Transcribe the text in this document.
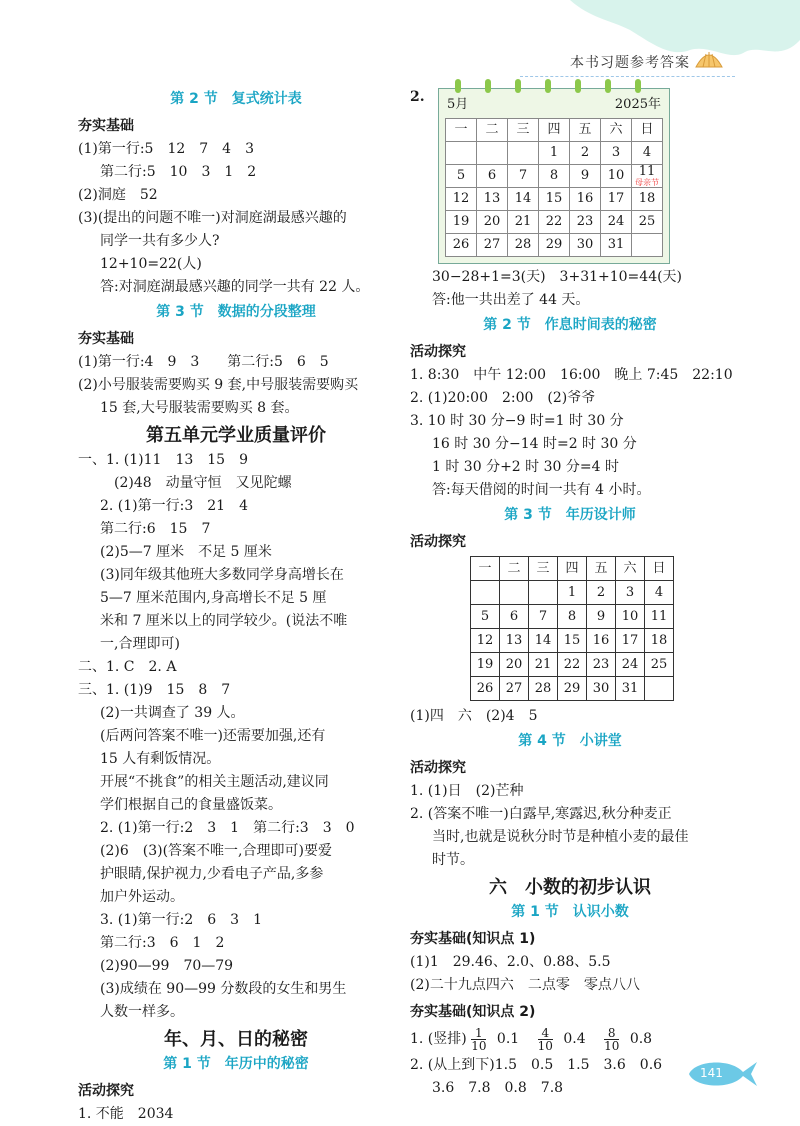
本书习题参考答案
第 2 节　复式统计表
夯实基础
(1)第一行:5　12　7　4　3
第二行:5　10　3　1　2
(2)洞庭　52
(3)(提出的问题不唯一)对洞庭湖最感兴趣的
同学一共有多少人?
12+10=22(人)
答:对洞庭湖最感兴趣的同学一共有 22 人。
第 3 节　数据的分段整理
夯实基础
(1)第一行:4　9　3　　第二行:5　6　5
(2)小号服装需要购买 9 套,中号服装需要购买
15 套,大号服装需要购买 8 套。
第五单元学业质量评价
一、1. (1)11　13　15　9
(2)48　动量守恒　又见陀螺
2. (1)第一行:3　21　4
第二行:6　15　7
(2)5—7 厘米　不足 5 厘米
(3)同年级其他班大多数同学身高增长在
5—7 厘米范围内,身高增长不足 5 厘
米和 7 厘米以上的同学较少。(说法不唯
一,合理即可)
二、1. C　2. A
三、1. (1)9　15　8　7
(2)一共调查了 39 人。
(后两问答案不唯一)还需要加强,还有
15 人有剩饭情况。
开展“不挑食”的相关主题活动,建议同
学们根据自己的食量盛饭菜。
2. (1)第一行:2　3　1　第二行:3　3　0
(2)6　(3)(答案不唯一,合理即可)要爱
护眼睛,保护视力,少看电子产品,多参
加户外运动。
3. (1)第一行:2　6　3　1
第二行:3　6　1　2
(2)90—99　70—79
(3)成绩在 90—99 分数段的女生和男生
人数一样多。
年、月、日的秘密
第 1 节　年历中的秘密
活动探究
1. 不能　2034
2. 5月	2025年
一	二	三	四	五	六	日
			1	2	3	4
5	6	7	8	9	10	11
母亲节

12	13	14	15	16	17	18
19	20	21	22	23	24	25
26	27	28	29	30	31	
30−28+1=3(天)　3+31+10=44(天)
答:他一共出差了 44 天。
第 2 节　作息时间表的秘密
活动探究
1. 8:30　中午 12:00　16:00　晚上 7:45　22:10
2. (1)20:00　2:00　(2)爷爷
3. 10 时 30 分−9 时=1 时 30 分
16 时 30 分−14 时=2 时 30 分
1 时 30 分+2 时 30 分=4 时
答:每天借阅的时间一共有 4 小时。
第 3 节　年历设计师
活动探究
一	二	三	四	五	六	日
			1	2	3	4
5	6	7	8	9	10	11
12	13	14	15	16	17	18
19	20	21	22	23	24	25
26	27	28	29	30	31	
(1)四　六　(2)4　5
第 4 节　小讲堂
活动探究
1. (1)日　(2)芒种
2. (答案不唯一)白露早,寒露迟,秋分种麦正
当时,也就是说秋分时节是种植小麦的最佳
时节。
六　小数的初步认识
第 1 节　认识小数
夯实基础(知识点 1)
(1)1　29.46、2.0、0.88、5.5
(2)二十九点四六　二点零　零点八八
夯实基础(知识点 2)
1. (竖排) $\frac{1}{10} 0.1 \frac{4}{10} 0.4 \frac{8}{10} 0.8$
2. (从上到下)1.5　0.5　1.5　3.6　0.6
3.6　7.8　0.8　7.8
141
